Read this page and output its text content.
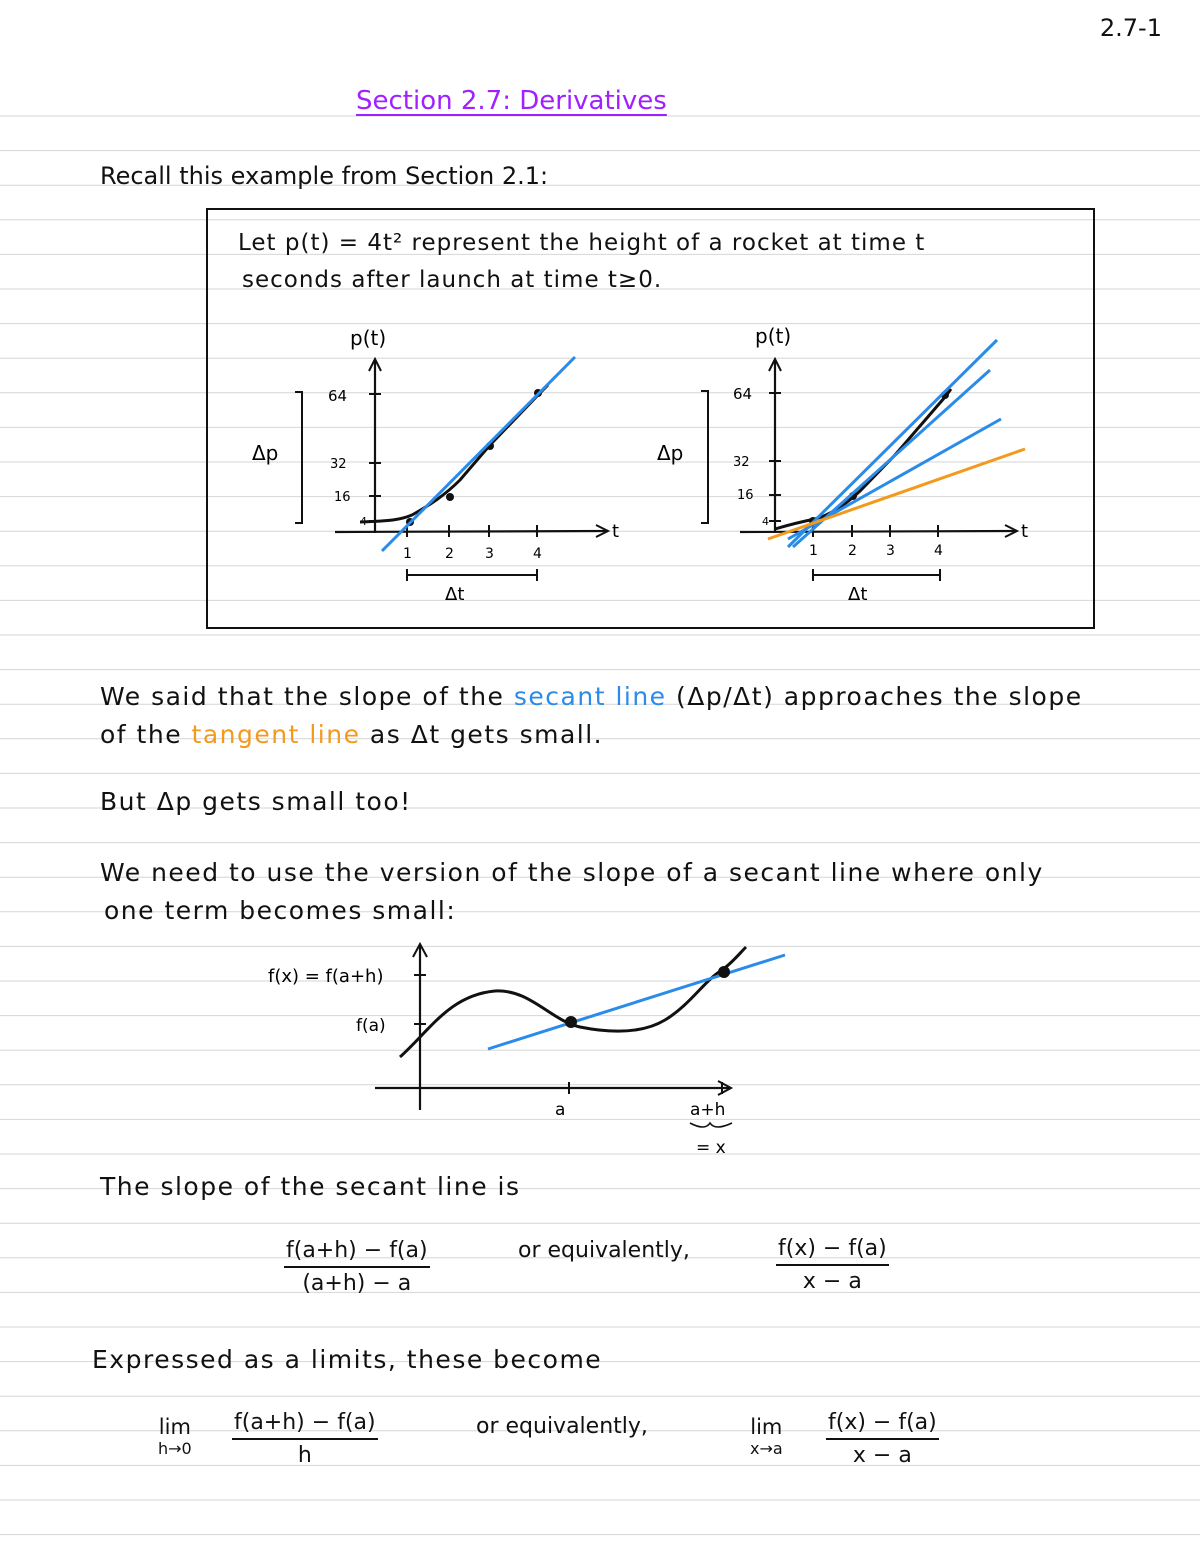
2.7-1
Section 2.7: Derivatives
Recall this example from Section 2.1:
Let p(t) = 4t² represent the height of a rocket at time t
seconds after launch at time t≥0.
p(t)
t
64
32
16
4
1 2 3	4
Δp
Δt
p(t)
t
64
32
16
4
1 2 3	4
Δp
Δt
We said that the slope of the secant line (Δp/Δt) approaches the slope
of the tangent line as Δt gets small.
But Δp gets small too!
We need to use the version of the slope of a secant line where only
one term becomes small:
f(x) = f(a+h)
f(a)
a	a+h
= x
The slope of the secant line is
$\frac{f(a+h) - f(a)}{(a+h) - a}$	or equivalently,	$\frac{f(x) - f(a)}{x - a}$
Expressed as a limits, these become
lim
$h\to 0 \frac{f(a+h) - f(a)}{h}$	or equivalently,	lim
$x\to a \frac{f(x) - f(a)}{x - a}$
